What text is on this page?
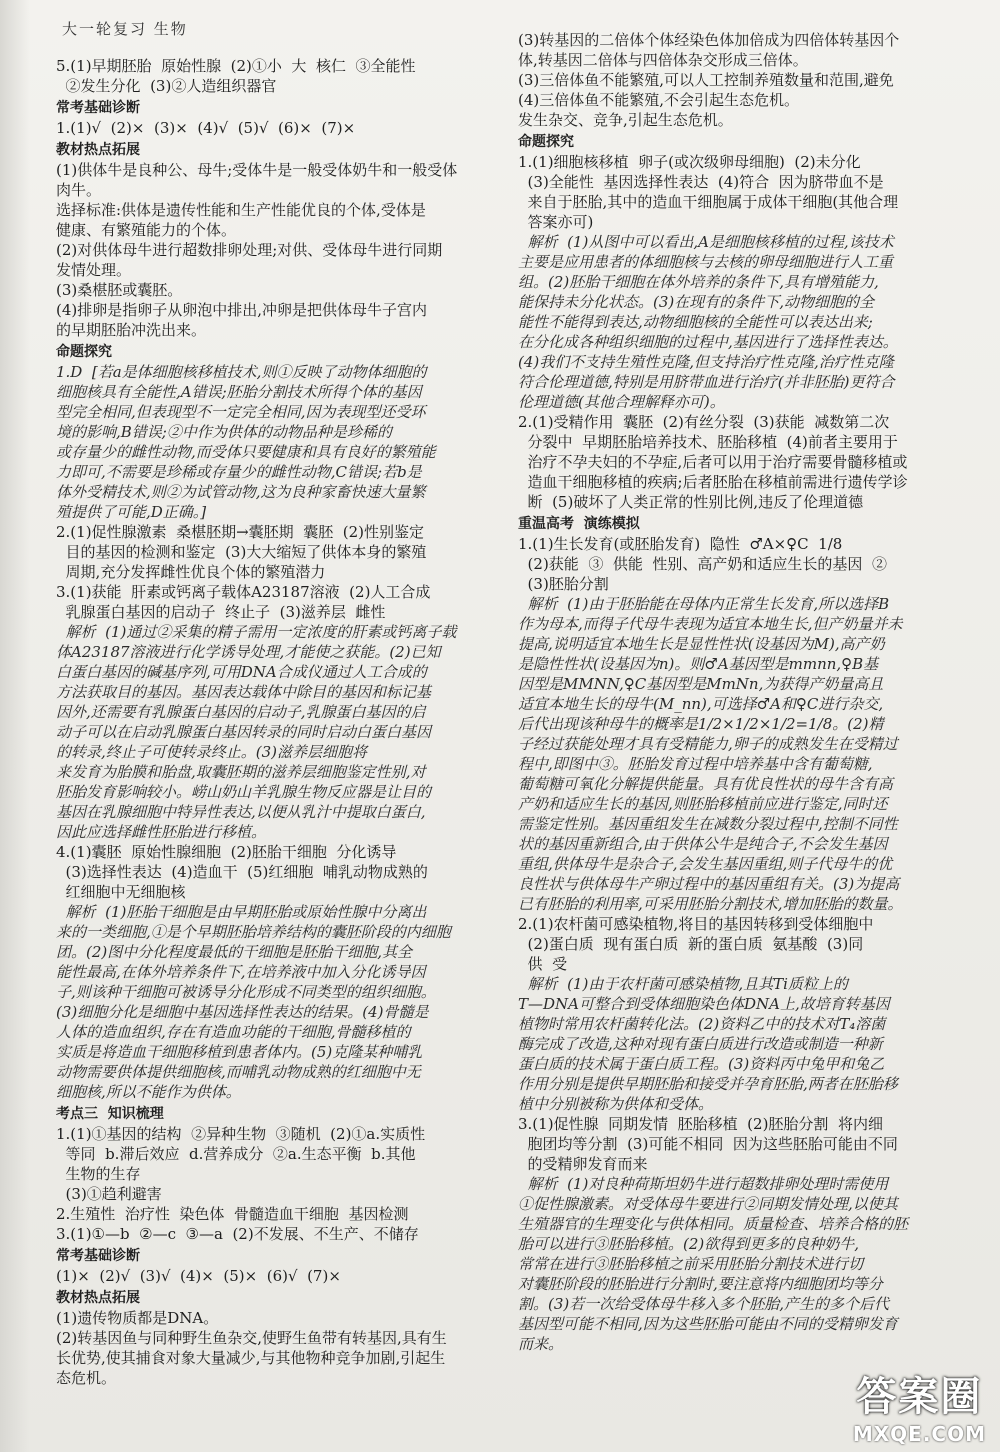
大一轮复习 生物

5.(1)早期胚胎  原始性腺  (2)①小  大  核仁  ③全能性

②发生分化  (3)②人造组织器官

常考基础诊断

1.(1)√  (2)×  (3)×  (4)√  (5)√  (6)×  (7)×

教材热点拓展

(1)供体牛是良种公、母牛;受体牛是一般受体奶牛和一般受体

肉牛。

选择标准:供体是遗传性能和生产性能优良的个体,受体是

健康、有繁殖能力的个体。

(2)对供体母牛进行超数排卵处理;对供、受体母牛进行同期

发情处理。

(3)桑椹胚或囊胚。

(4)排卵是指卵子从卵泡中排出,冲卵是把供体母牛子宫内

的早期胚胎冲洗出来。

命题探究

1.D  [若a是体细胞核移植技术,则①反映了动物体细胞的

细胞核具有全能性,A错误;胚胎分割技术所得个体的基因

型完全相同,但表现型不一定完全相同,因为表现型还受环

境的影响,B错误;②中作为供体的动物品种是珍稀的

或存量少的雌性动物,而受体只要健康和具有良好的繁殖能

力即可,不需要是珍稀或存量少的雌性动物,C错误;若b是

体外受精技术,则②为试管动物,这为良种家畜快速大量繁

殖提供了可能,D正确。]

2.(1)促性腺激素  桑椹胚期→囊胚期  囊胚  (2)性别鉴定

目的基因的检测和鉴定  (3)大大缩短了供体本身的繁殖

周期,充分发挥雌性优良个体的繁殖潜力

3.(1)获能  肝素或钙离子载体A23187溶液  (2)人工合成

乳腺蛋白基因的启动子  终止子  (3)滋养层  雌性

解析  (1)通过②采集的精子需用一定浓度的肝素或钙离子载

体A23187溶液进行化学诱导处理,才能使之获能。(2)已知

白蛋白基因的碱基序列,可用DNA合成仪通过人工合成的

方法获取目的基因。基因表达载体中除目的基因和标记基

因外,还需要有乳腺蛋白基因的启动子,乳腺蛋白基因的启

动子可以在启动乳腺蛋白基因转录的同时启动白蛋白基因

的转录,终止子可使转录终止。(3)滋养层细胞将

来发育为胎膜和胎盘,取囊胚期的滋养层细胞鉴定性别,对

胚胎发育影响较小。崂山奶山羊乳腺生物反应器是让目的

基因在乳腺细胞中特异性表达,以便从乳汁中提取白蛋白,

因此应选择雌性胚胎进行移植。

4.(1)囊胚  原始性腺细胞  (2)胚胎干细胞  分化诱导

(3)选择性表达  (4)造血干  (5)红细胞  哺乳动物成熟的

红细胞中无细胞核

解析  (1)胚胎干细胞是由早期胚胎或原始性腺中分离出

来的一类细胞,①是个早期胚胎培养结构的囊胚阶段的内细胞

团。(2)图中分化程度最低的干细胞是胚胎干细胞,其全

能性最高,在体外培养条件下,在培养液中加入分化诱导因

子,则该种干细胞可被诱导分化形成不同类型的组织细胞。

(3)细胞分化是细胞中基因选择性表达的结果。(4)骨髓是

人体的造血组织,存在有造血功能的干细胞,骨髓移植的

实质是将造血干细胞移植到患者体内。(5)克隆某种哺乳

动物需要供体提供细胞核,而哺乳动物成熟的红细胞中无

细胞核,所以不能作为供体。

考点三  知识梳理

1.(1)①基因的结构  ②异种生物  ③随机  (2)①a.实质性

等同  b.滞后效应  d.营养成分  ②a.生态平衡  b.其他

生物的生存

(3)①趋利避害

2.生殖性  治疗性  染色体  骨髓造血干细胞  基因检测

3.(1)①—b  ②—c  ③—a  (2)不发展、不生产、不储存

常考基础诊断

(1)×  (2)√  (3)√  (4)×  (5)×  (6)√  (7)×

教材热点拓展

(1)遗传物质都是DNA。

(2)转基因鱼与同种野生鱼杂交,使野生鱼带有转基因,具有生

长优势,使其捕食对象大量减少,与其他物种竞争加剧,引起生

态危机。

(3)转基因的二倍体个体经染色体加倍成为四倍体转基因个

体,转基因二倍体与四倍体杂交形成三倍体。

(3)三倍体鱼不能繁殖,可以人工控制养殖数量和范围,避免

(4)三倍体鱼不能繁殖,不会引起生态危机。

发生杂交、竞争,引起生态危机。

命题探究

1.(1)细胞核移植  卵子(或次级卵母细胞)  (2)未分化

(3)全能性  基因选择性表达  (4)符合  因为脐带血不是

来自于胚胎,其中的造血干细胞属于成体干细胞(其他合理

答案亦可)

解析  (1)从图中可以看出,A是细胞核移植的过程,该技术

主要是应用患者的体细胞核与去核的卵母细胞进行人工重

组。(2)胚胎干细胞在体外培养的条件下,具有增殖能力,

能保持未分化状态。(3)在现有的条件下,动物细胞的全

能性不能得到表达,动物细胞核的全能性可以表达出来;

在分化成各种组织细胞的过程中,基因进行了选择性表达。

(4)我们不支持生殖性克隆,但支持治疗性克隆,治疗性克隆

符合伦理道德,特别是用脐带血进行治疗(并非胚胎)更符合

伦理道德(其他合理解释亦可)。

2.(1)受精作用  囊胚  (2)有丝分裂  (3)获能  减数第二次

分裂中  早期胚胎培养技术、胚胎移植  (4)前者主要用于

治疗不孕夫妇的不孕症,后者可以用于治疗需要骨髓移植或

造血干细胞移植的疾病;后者胚胎在移植前需进行遗传学诊

断  (5)破坏了人类正常的性别比例,违反了伦理道德

重温高考  演练模拟

1.(1)生长发育(或胚胎发育)  隐性  ♂A×♀C  1/8

(2)获能  ③  供能  性别、高产奶和适应生长的基因  ②

(3)胚胎分割

解析  (1)由于胚胎能在母体内正常生长发育,所以选择B

作为母本,而得子代母牛表现为适宜本地生长,但产奶量并未

提高,说明适宜本地生长是显性性状(设基因为M),高产奶

是隐性性状(设基因为n)。则♂A基因型是mmnn,♀B基

因型是MMNN,♀C基因型是MmNn,为获得产奶量高且

适宜本地生长的母牛(M_nn),可选择♂A和♀C进行杂交,

后代出现该种母牛的概率是1/2×1/2×1/2=1/8。(2)精

子经过获能处理才具有受精能力,卵子的成熟发生在受精过

程中,即图中③。胚胎发育过程中培养基中含有葡萄糖,

葡萄糖可氧化分解提供能量。具有优良性状的母牛含有高

产奶和适应生长的基因,则胚胎移植前应进行鉴定,同时还

需鉴定性别。基因重组发生在减数分裂过程中,控制不同性

状的基因重新组合,由于供体公牛是纯合子,不会发生基因

重组,供体母牛是杂合子,会发生基因重组,则子代母牛的优

良性状与供体母牛产卵过程中的基因重组有关。(3)为提高

已有胚胎的利用率,可采用胚胎分割技术,增加胚胎的数量。

2.(1)农杆菌可感染植物,将目的基因转移到受体细胞中

(2)蛋白质  现有蛋白质  新的蛋白质  氨基酸  (3)同

供  受

解析  (1)由于农杆菌可感染植物,且其Ti质粒上的

T—DNA可整合到受体细胞染色体DNA上,故培育转基因

植物时常用农杆菌转化法。(2)资料乙中的技术对T₄溶菌

酶完成了改造,这种对现有蛋白质进行改造或制造一种新

蛋白质的技术属于蛋白质工程。(3)资料丙中兔甲和兔乙

作用分别是提供早期胚胎和接受并孕育胚胎,两者在胚胎移

植中分别被称为供体和受体。

3.(1)促性腺  同期发情  胚胎移植  (2)胚胎分割  将内细

胞团均等分割  (3)可能不相同  因为这些胚胎可能由不同

的受精卵发育而来

解析  (1)对良种荷斯坦奶牛进行超数排卵处理时需使用

①促性腺激素。对受体母牛要进行②同期发情处理,以使其

生殖器官的生理变化与供体相同。质量检查、培养合格的胚

胎可以进行③胚胎移植。(2)欲得到更多的良种奶牛,

常常在进行③胚胎移植之前采用胚胎分割技术进行切

对囊胚阶段的胚胎进行分割时,要注意将内细胞团均等分

割。(3)若一次给受体母牛移入多个胚胎,产生的多个后代

基因型可能不相同,因为这些胚胎可能由不同的受精卵发育

而来。

答案圈
MXQE.COM
